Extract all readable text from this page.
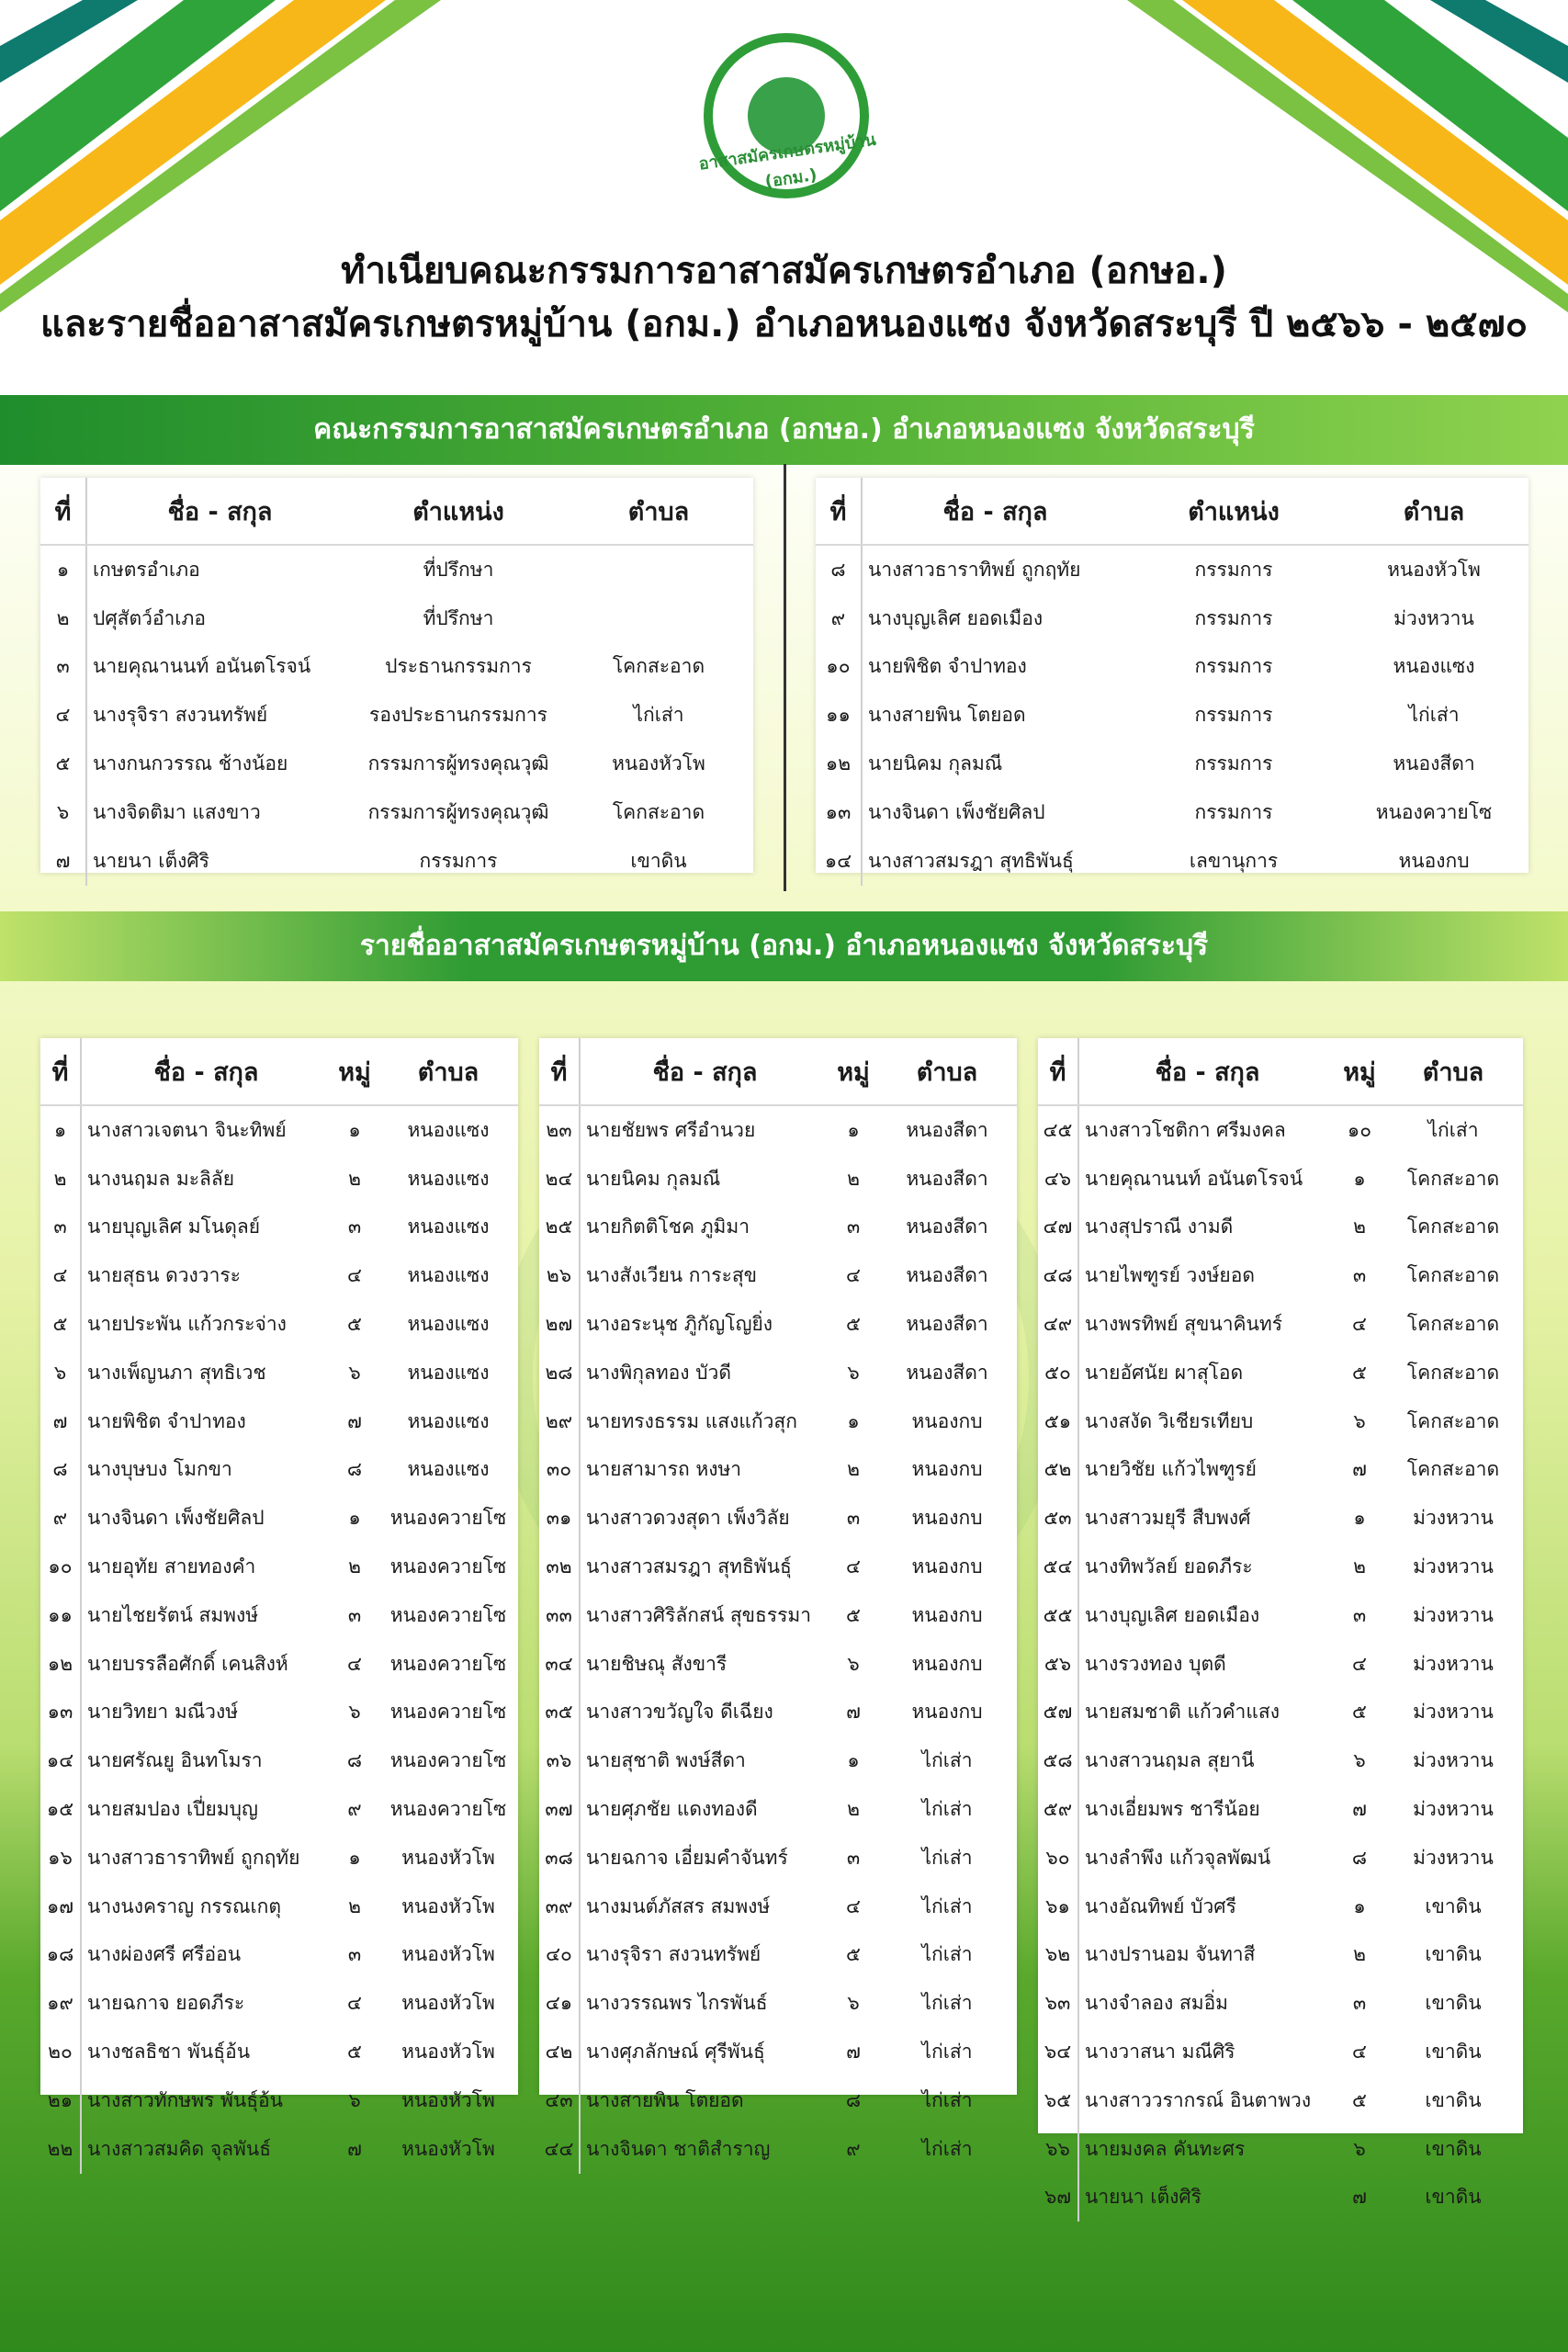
อาสาสมัครเกษตรหมู่บ้าน (อกม.)
ทำเนียบคณะกรรมการอาสาสมัครเกษตรอำเภอ (อกษอ.)
และรายชื่ออาสาสมัครเกษตรหมู่บ้าน (อกม.) อำเภอหนองแซง จังหวัดสระบุรี ปี ๒๕๖๖ - ๒๕๗๐
คณะกรรมการอาสาสมัครเกษตรอำเภอ (อกษอ.) อำเภอหนองแซง จังหวัดสระบุรี
ที่	ชื่อ - สกุล	ตำแหน่ง	ตำบล
๑	เกษตรอำเภอ	ที่ปรึกษา	
๒	ปศุสัตว์อำเภอ	ที่ปรึกษา	
๓	นายคุณานนท์ อนันตโรจน์	ประธานกรรมการ	โคกสะอาด
๔	นางรุจิรา สงวนทรัพย์	รองประธานกรรมการ	ไก่เส่า
๕	นางกนกวรรณ ช้างน้อย	กรรมการผู้ทรงคุณวุฒิ	หนองหัวโพ
๖	นางจิดติมา แสงขาว	กรรมการผู้ทรงคุณวุฒิ	โคกสะอาด
๗	นายนา เต็งศิริ	กรรมการ	เขาดิน
ที่	ชื่อ - สกุล	ตำแหน่ง	ตำบล
๘	นางสาวธาราทิพย์ ถูกฤทัย	กรรมการ	หนองหัวโพ
๙	นางบุญเลิศ ยอดเมือง	กรรมการ	ม่วงหวาน
๑๐	นายพิชิต จำปาทอง	กรรมการ	หนองแซง
๑๑	นางสายพิน โตยอด	กรรมการ	ไก่เส่า
๑๒	นายนิคม กุลมณี	กรรมการ	หนองสีดา
๑๓	นางจินดา เพ็งชัยศิลป	กรรมการ	หนองควายโซ
๑๔	นางสาวสมรฎา สุทธิพันธุ์	เลขานุการ	หนองกบ
รายชื่ออาสาสมัครเกษตรหมู่บ้าน (อกม.) อำเภอหนองแซง จังหวัดสระบุรี
ที่	ชื่อ - สกุล	หมู่	ตำบล
๑	นางสาวเจตนา จินะทิพย์	๑	หนองแซง
๒	นางนฤมล มะลิลัย	๒	หนองแซง
๓	นายบุญเลิศ มโนดุลย์	๓	หนองแซง
๔	นายสุธน ดวงวาระ	๔	หนองแซง
๕	นายประพัน แก้วกระจ่าง	๕	หนองแซง
๖	นางเพ็ญนภา สุทธิเวช	๖	หนองแซง
๗	นายพิชิต จำปาทอง	๗	หนองแซง
๘	นางบุษบง โมกขา	๘	หนองแซง
๙	นางจินดา เพ็งชัยศิลป	๑	หนองควายโซ
๑๐	นายอุทัย สายทองคำ	๒	หนองควายโซ
๑๑	นายไชยรัตน์ สมพงษ์	๓	หนองควายโซ
๑๒	นายบรรลือศักดิ์ เคนสิงห์	๔	หนองควายโซ
๑๓	นายวิทยา มณีวงษ์	๖	หนองควายโซ
๑๔	นายศรัณยู อินทโมรา	๘	หนองควายโซ
๑๕	นายสมปอง เปี่ยมบุญ	๙	หนองควายโซ
๑๖	นางสาวธาราทิพย์ ถูกฤทัย	๑	หนองหัวโพ
๑๗	นางนงคราญ กรรณเกตุ	๒	หนองหัวโพ
๑๘	นางผ่องศรี ศรีอ่อน	๓	หนองหัวโพ
๑๙	นายฉกาจ ยอดภีระ	๔	หนองหัวโพ
๒๐	นางชลธิชา พันธุ์อ้น	๕	หนองหัวโพ
๒๑	นางสาวทักษพร พันธุ์อ้น	๖	หนองหัวโพ
๒๒	นางสาวสมคิด จุลพันธ์	๗	หนองหัวโพ
ที่	ชื่อ - สกุล	หมู่	ตำบล
๒๓	นายชัยพร ศรีอำนวย	๑	หนองสีดา
๒๔	นายนิคม กุลมณี	๒	หนองสีดา
๒๕	นายกิตติโชค ภูมิมา	๓	หนองสีดา
๒๖	นางสังเวียน การะสุข	๔	หนองสีดา
๒๗	นางอระนุช ภูิกัญโญยิ่ง	๕	หนองสีดา
๒๘	นางพิกุลทอง บัวดี	๖	หนองสีดา
๒๙	นายทรงธรรม แสงแก้วสุก	๑	หนองกบ
๓๐	นายสามารถ หงษา	๒	หนองกบ
๓๑	นางสาวดวงสุดา เพ็งวิลัย	๓	หนองกบ
๓๒	นางสาวสมรฎา สุทธิพันธุ์	๔	หนองกบ
๓๓	นางสาวศิริลักสน์ สุขธรรมา	๕	หนองกบ
๓๔	นายชิษณุ สังขารี	๖	หนองกบ
๓๕	นางสาวขวัญใจ ดีเฉียง	๗	หนองกบ
๓๖	นายสุชาติ พงษ์สีดา	๑	ไก่เส่า
๓๗	นายศุภชัย แดงทองดี	๒	ไก่เส่า
๓๘	นายฉกาจ เอี่ยมคำจันทร์	๓	ไก่เส่า
๓๙	นางมนต์ภัสสร สมพงษ์	๔	ไก่เส่า
๔๐	นางรุจิรา สงวนทรัพย์	๕	ไก่เส่า
๔๑	นางวรรณพร ไกรพันธ์	๖	ไก่เส่า
๔๒	นางศุภลักษณ์ ศุรีพันธุ์	๗	ไก่เส่า
๔๓	นางสายพิน โตยอด	๘	ไก่เส่า
๔๔	นางจินดา ชาติสำราญ	๙	ไก่เส่า
ที่	ชื่อ - สกุล	หมู่	ตำบล
๔๕	นางสาวโชติกา ศรีมงคล	๑๐	ไก่เส่า
๔๖	นายคุณานนท์ อนันตโรจน์	๑	โคกสะอาด
๔๗	นางสุปราณี งามดี	๒	โคกสะอาด
๔๘	นายไพฑูรย์ วงษ์ยอด	๓	โคกสะอาด
๔๙	นางพรทิพย์ สุขนาคินทร์	๔	โคกสะอาด
๕๐	นายอัศนัย ผาสุโอด	๕	โคกสะอาด
๕๑	นางสงัด วิเชียรเทียบ	๖	โคกสะอาด
๕๒	นายวิชัย แก้วไพฑูรย์	๗	โคกสะอาด
๕๓	นางสาวมยุรี สืบพงศ์	๑	ม่วงหวาน
๕๔	นางทิพวัลย์ ยอดภีระ	๒	ม่วงหวาน
๕๕	นางบุญเลิศ ยอดเมือง	๓	ม่วงหวาน
๕๖	นางรวงทอง บุตดี	๔	ม่วงหวาน
๕๗	นายสมชาติ แก้วคำแสง	๕	ม่วงหวาน
๕๘	นางสาวนฤมล สุยานี	๖	ม่วงหวาน
๕๙	นางเอี่ยมพร ชารีน้อย	๗	ม่วงหวาน
๖๐	นางลำพึง แก้วจุลพัฒน์	๘	ม่วงหวาน
๖๑	นางอัณทิพย์ บัวศรี	๑	เขาดิน
๖๒	นางปรานอม จันทาสี	๒	เขาดิน
๖๓	นางจำลอง สมอิ่ม	๓	เขาดิน
๖๔	นางวาสนา มณีศิริ	๔	เขาดิน
๖๕	นางสาววรากรณ์ อินตาพวง	๕	เขาดิน
๖๖	นายมงคล คันทะศร	๖	เขาดิน
๖๗	นายนา เต็งศิริ	๗	เขาดิน
